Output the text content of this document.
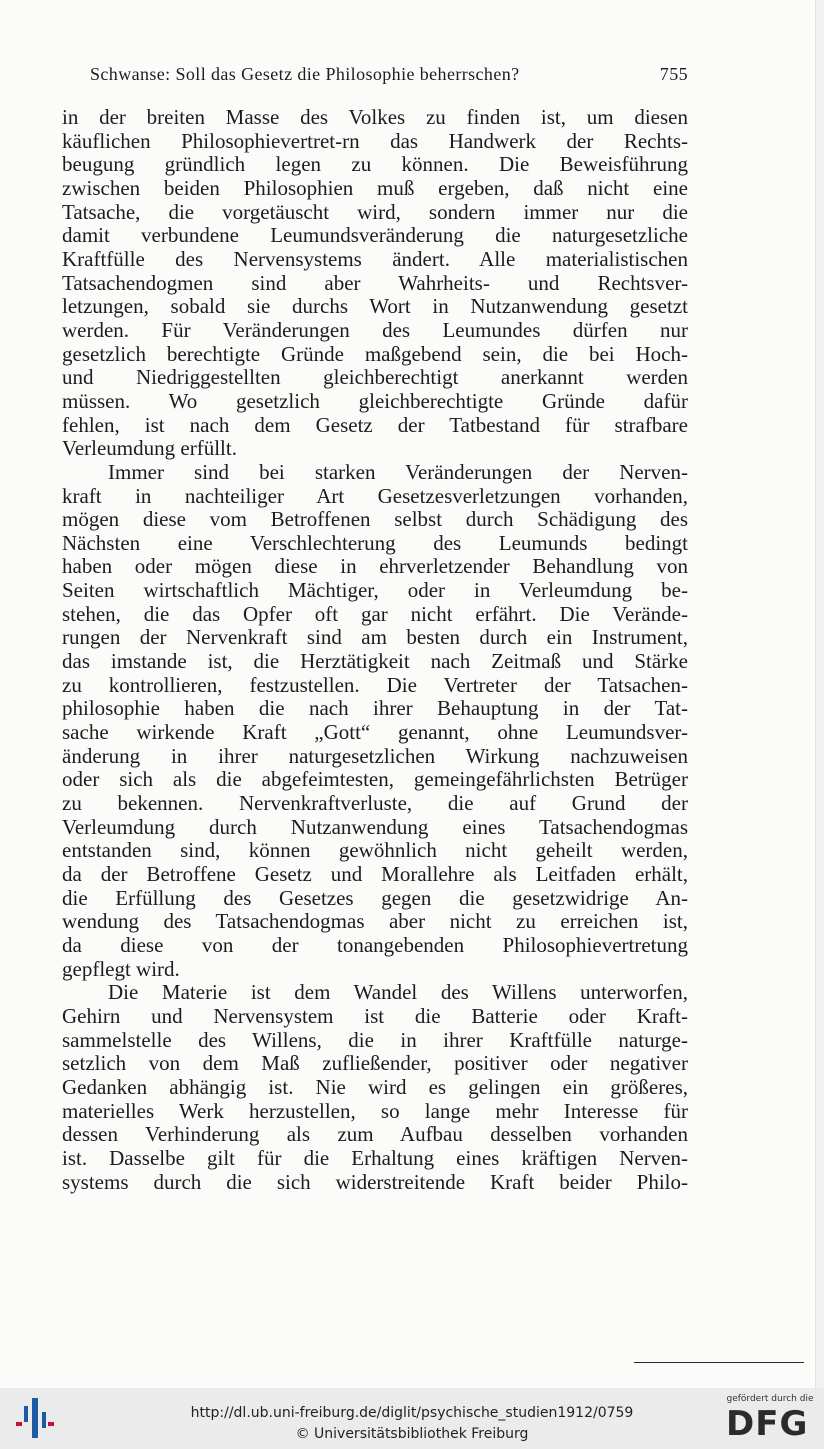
Schwanse: Soll das Gesetz die Philosophie beherrschen?	755
in der breiten Masse des Volkes zu finden ist, um diesen
käuflichen Philosophievertret-rn das Handwerk der Rechts-
beugung gründlich legen zu können. Die Beweisführung
zwischen beiden Philosophien muß ergeben, daß nicht eine
Tatsache, die vorgetäuscht wird, sondern immer nur die
damit verbundene Leumundsveränderung die naturgesetzliche
Kraftfülle des Nervensystems ändert. Alle materialistischen
Tatsachendogmen sind aber Wahrheits- und Rechtsver-
letzungen, sobald sie durchs Wort in Nutzanwendung gesetzt
werden. Für Veränderungen des Leumundes dürfen nur
gesetzlich berechtigte Gründe maßgebend sein, die bei Hoch-
und Niedriggestellten gleichberechtigt anerkannt werden
müssen. Wo gesetzlich gleichberechtigte Gründe dafür
fehlen, ist nach dem Gesetz der Tatbestand für strafbare
Verleumdung erfüllt.
Immer sind bei starken Veränderungen der Nerven-
kraft in nachteiliger Art Gesetzesverletzungen vorhanden,
mögen diese vom Betroffenen selbst durch Schädigung des
Nächsten eine Verschlechterung des Leumunds bedingt
haben oder mögen diese in ehrverletzender Behandlung von
Seiten wirtschaftlich Mächtiger, oder in Verleumdung be-
stehen, die das Opfer oft gar nicht erfährt. Die Verände-
rungen der Nervenkraft sind am besten durch ein Instrument,
das imstande ist, die Herztätigkeit nach Zeitmaß und Stärke
zu kontrollieren, festzustellen. Die Vertreter der Tatsachen-
philosophie haben die nach ihrer Behauptung in der Tat-
sache wirkende Kraft „Gott“ genannt, ohne Leumundsver-
änderung in ihrer naturgesetzlichen Wirkung nachzuweisen
oder sich als die abgefeimtesten, gemeingefährlichsten Betrüger
zu bekennen. Nervenkraftverluste, die auf Grund der
Verleumdung durch Nutzanwendung eines Tatsachendogmas
entstanden sind, können gewöhnlich nicht geheilt werden,
da der Betroffene Gesetz und Morallehre als Leitfaden erhält,
die Erfüllung des Gesetzes gegen die gesetzwidrige An-
wendung des Tatsachendogmas aber nicht zu erreichen ist,
da diese von der tonangebenden Philosophievertretung
gepflegt wird.
Die Materie ist dem Wandel des Willens unterworfen,
Gehirn und Nervensystem ist die Batterie oder Kraft-
sammelstelle des Willens, die in ihrer Kraftfülle naturge-
setzlich von dem Maß zufließender, positiver oder negativer
Gedanken abhängig ist. Nie wird es gelingen ein größeres,
materielles Werk herzustellen, so lange mehr Interesse für
dessen Verhinderung als zum Aufbau desselben vorhanden
ist. Dasselbe gilt für die Erhaltung eines kräftigen Nerven-
systems durch die sich widerstreitende Kraft beider Philo-
http://dl.ub.uni-freiburg.de/diglit/psychische_studien1912/0759
© Universitätsbibliothek Freiburg
gefördert durch die
DFG
